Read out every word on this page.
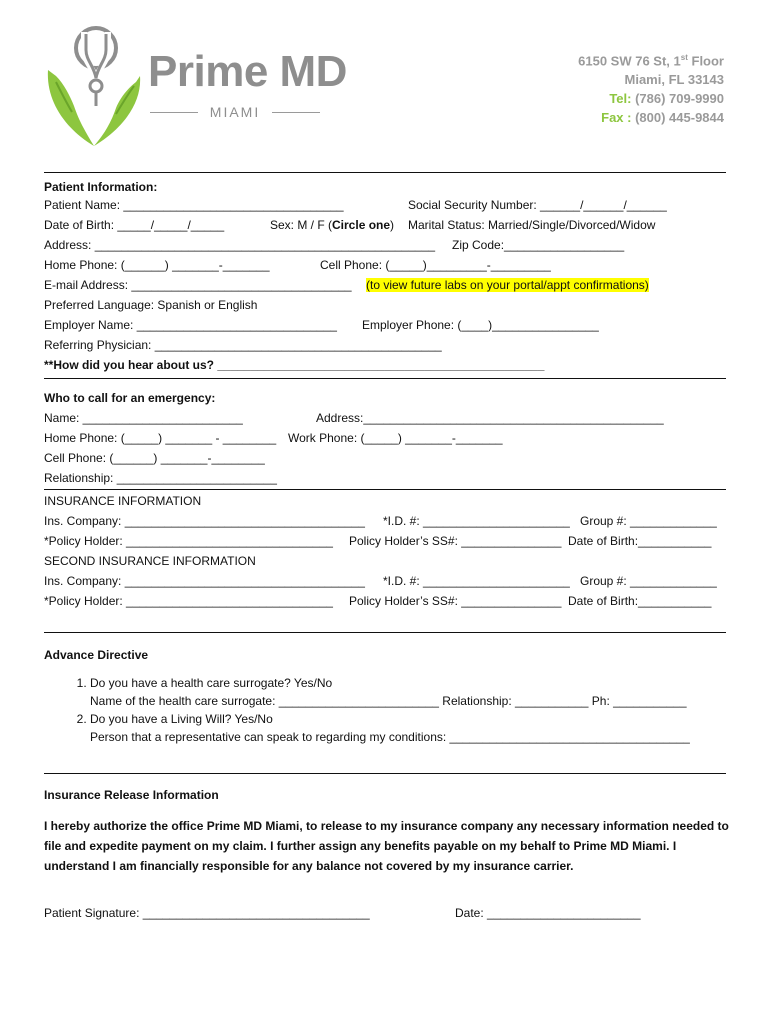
Prime MD
MIAMI
6150 SW 76 St, 1st Floor
Miami, FL 33143
Tel: (786) 709-9990
Fax : (800) 445-9844
Patient Information:
Patient Name: _________________________________	Social Security Number: ______/______/______
Date of Birth: _____/_____/_____	Sex: M / F (Circle one) Marital Status: Married/Single/Divorced/Widow
Address: ___________________________________________________ Zip Code:__________________
Home Phone: (______) _______-_______	Cell Phone: (_____)_________-_________
E-mail Address: _________________________________ (to view future labs on your portal/appt confirmations)
Preferred Language: Spanish or English
Employer Name: ______________________________ Employer Phone: (____)________________
Referring Physician: ___________________________________________
**How did you hear about us? _________________________________________________
Who to call for an emergency:
Name: ________________________	Address:_____________________________________________
Home Phone: (_____) _______ - ________ Work Phone: (_____) _______-_______
Cell Phone: (______) _______-________
Relationship: ________________________
INSURANCE INFORMATION
Ins. Company: ____________________________________ *I.D. #: ______________________ Group #: _____________
*Policy Holder: _______________________________ Policy Holder’s SS#: _______________ Date of Birth:___________
SECOND INSURANCE INFORMATION
Ins. Company: ____________________________________ *I.D. #: ______________________ Group #: _____________
*Policy Holder: _______________________________ Policy Holder’s SS#: _______________ Date of Birth:___________
Advance Directive
1. Do you have a health care surrogate? Yes/No
Name of the health care surrogate: ________________________ Relationship: ___________ Ph: ___________
2. Do you have a Living Will? Yes/No
Person that a representative can speak to regarding my conditions: ____________________________________
Insurance Release Information
I hereby authorize the office Prime MD Miami, to release to my insurance company any necessary information needed to file and expedite payment on my claim. I further assign any benefits payable on my behalf to Prime MD Miami. I understand I am financially responsible for any balance not covered by my insurance carrier.
Patient Signature: __________________________________	Date: _______________________
